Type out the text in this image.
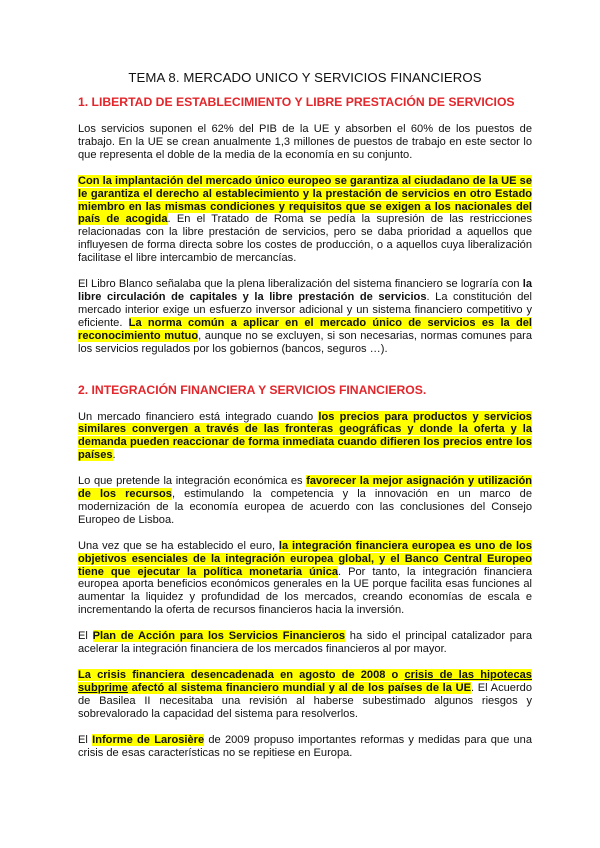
TEMA 8. MERCADO UNICO Y SERVICIOS FINANCIEROS
1. LIBERTAD DE ESTABLECIMIENTO Y LIBRE PRESTACIÓN DE SERVICIOS

Los servicios suponen el 62% del PIB de la UE y absorben el 60% de los puestos de trabajo. En la UE se crean anualmente 1,3 millones de puestos de trabajo en este sector lo que representa el doble de la media de la economía en su conjunto.

Con la implantación del mercado único europeo se garantiza al ciudadano de la UE se le garantiza el derecho al establecimiento y la prestación de servicios en otro Estado miembro en las mismas condiciones y requisitos que se exigen a los nacionales del país de acogida. En el Tratado de Roma se pedía la supresión de las restricciones relacionadas con la libre prestación de servicios, pero se daba prioridad a aquellos que influyesen de forma directa sobre los costes de producción, o a aquellos cuya liberalización facilitase el libre intercambio de mercancías.

El Libro Blanco señalaba que la plena liberalización del sistema financiero se lograría con la libre circulación de capitales y la libre prestación de servicios. La constitución del mercado interior exige un esfuerzo inversor adicional y un sistema financiero competitivo y eficiente. La norma común a aplicar en el mercado único de servicios es la del reconocimiento mutuo, aunque no se excluyen, si son necesarias, normas comunes para los servicios regulados por los gobiernos (bancos, seguros …).

2. INTEGRACIÓN FINANCIERA Y SERVICIOS FINANCIEROS.

Un mercado financiero está integrado cuando los precios para productos y servicios similares convergen a través de las fronteras geográficas y donde la oferta y la demanda pueden reaccionar de forma inmediata cuando difieren los precios entre los países.

Lo que pretende la integración económica es favorecer la mejor asignación y utilización de los recursos, estimulando la competencia y la innovación en un marco de modernización de la economía europea de acuerdo con las conclusiones del Consejo Europeo de Lisboa.

Una vez que se ha establecido el euro, la integración financiera europea es uno de los objetivos esenciales de la integración europea global, y el Banco Central Europeo tiene que ejecutar la política monetaria única. Por tanto, la integración financiera europea aporta beneficios económicos generales en la UE porque facilita esas funciones al aumentar la liquidez y profundidad de los mercados, creando economías de escala e incrementando la oferta de recursos financieros hacia la inversión.

El Plan de Acción para los Servicios Financieros ha sido el principal catalizador para acelerar la integración financiera de los mercados financieros al por mayor.

La crisis financiera desencadenada en agosto de 2008 o crisis de las hipotecas subprime afectó al sistema financiero mundial y al de los países de la UE. El Acuerdo de Basilea II necesitaba una revisión al haberse subestimado algunos riesgos y sobrevalorado la capacidad del sistema para resolverlos.

El Informe de Larosière de 2009 propuso importantes reformas y medidas para que una crisis de esas características no se repitiese en Europa.
